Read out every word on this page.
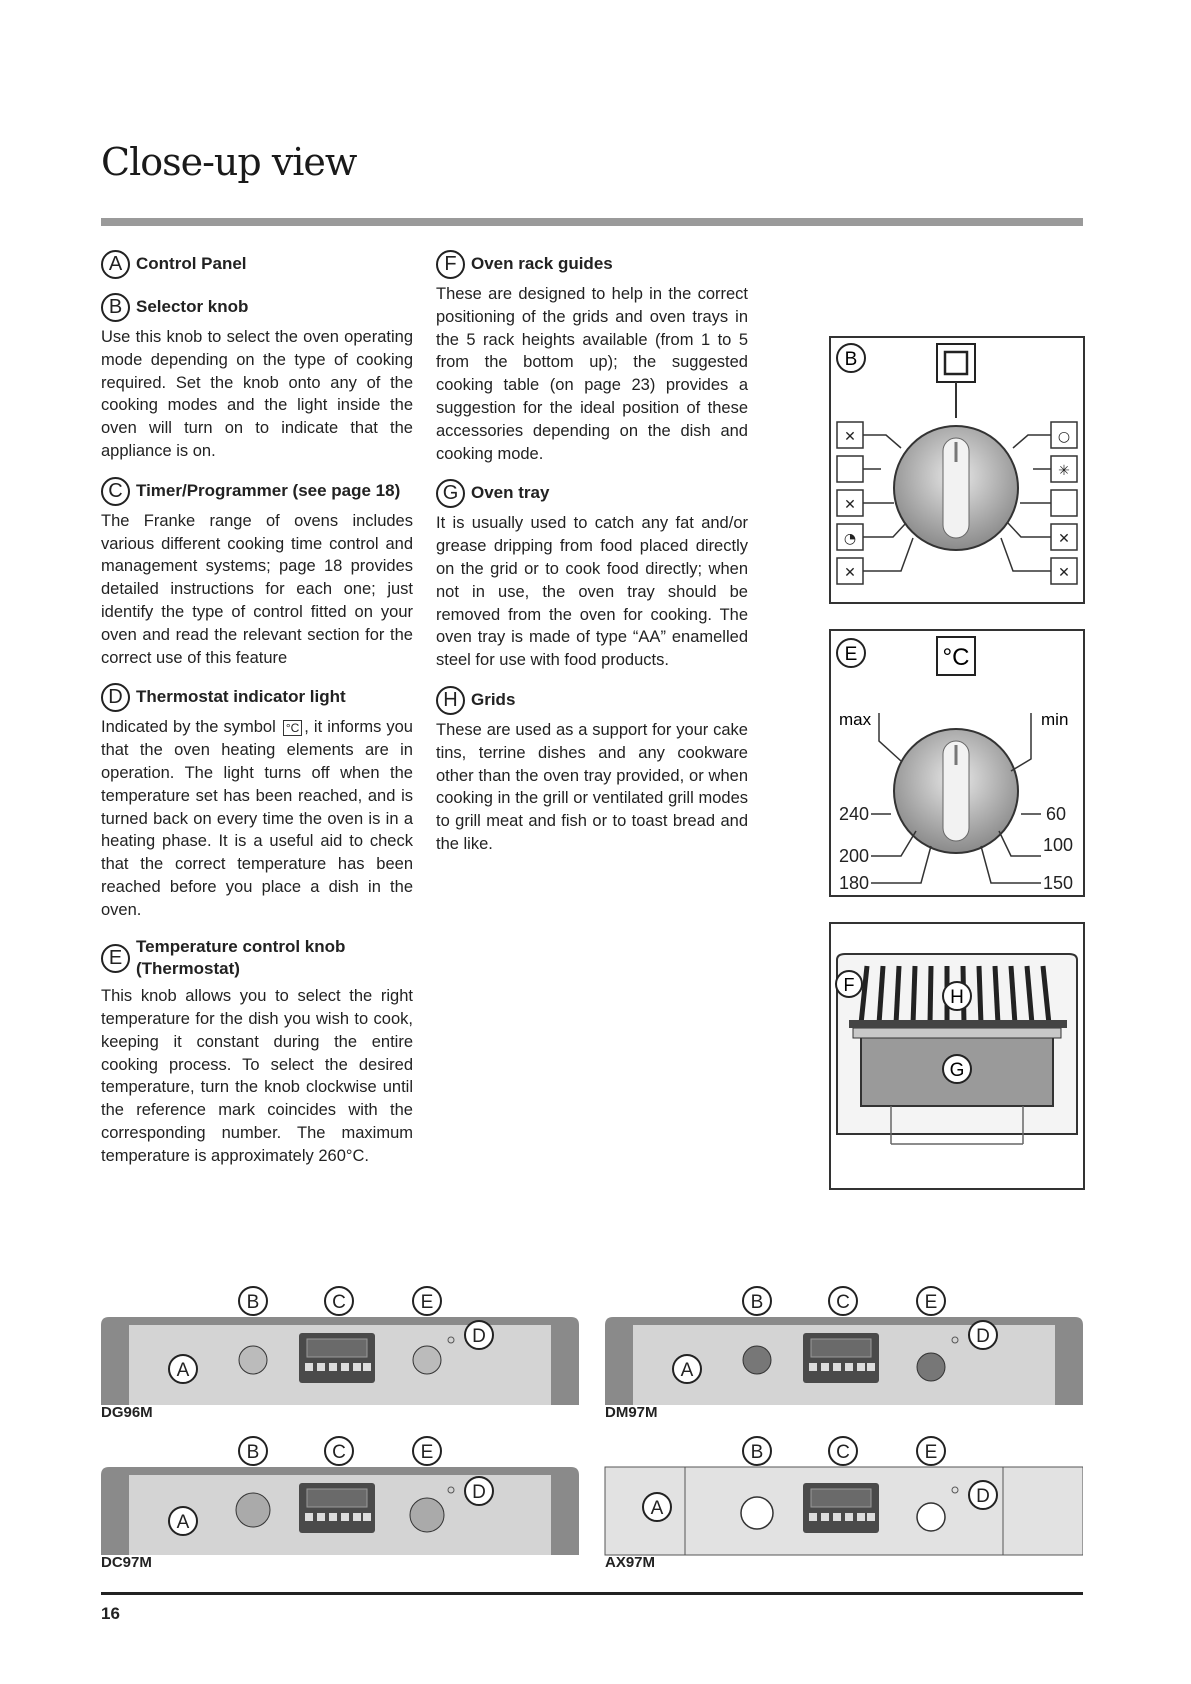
Close-up view
A Control Panel
B Selector knob
Use this knob to select the oven operating mode depending on the type of cooking required. Set the knob onto any of the cooking modes and the light inside the oven will turn on to indicate that the appliance is on.
C Timer/Programmer (see page 18)
The Franke range of ovens includes various different cooking time control and management systems; page 18 provides detailed instructions for each one; just identify the type of control fitted on your oven and read the relevant section for the correct use of this feature
D Thermostat indicator light
Indicated by the symbol °C , it informs you that the oven heating elements are in operation. The light turns off when the temperature set has been reached, and is turned back on every time the oven is in a heating phase. It is a useful aid to check that the correct temperature has been reached before you place a dish in the oven.
E
Temperature control knob (Thermostat)
This knob allows you to select the right temperature for the dish you wish to cook, keeping it constant during the entire cooking process. To select the desired temperature, turn the knob clockwise until the reference mark coincides with the corresponding number. The maximum temperature is approximately 260°C.
F Oven rack guides
These are designed to help in the correct positioning of the grids and oven trays in the 5 rack heights available (from 1 to 5 from the bottom up); the suggested cooking table (on page 23) provides a suggestion for the ideal position of these accessories depending on the dish and cooking mode.
G Oven tray
It is usually used to catch any fat and/or grease dripping from food placed directly on the grid or to cook food directly; when not in use, the oven tray should be removed from the oven for cooking. The oven tray is made of type “AA” enamelled steel for use with food products.
H Grids
These are used as a support for your cake tins, terrine dishes and any cookware other than the oven tray provided, or when cooking in the grill or ventilated grill modes to grill meat and fish or to toast bread and the like.
B
✕
✕
◔
✕
○
✳
✕
✕
E	°C
max	min
240
200
180
60
100
150
F
H
G
B	C	E
D
A
DG96M
B	C	E
D
A
DM97M
B	C	E
D
A
DC97M
B	C	E
D
A
AX97M
16
